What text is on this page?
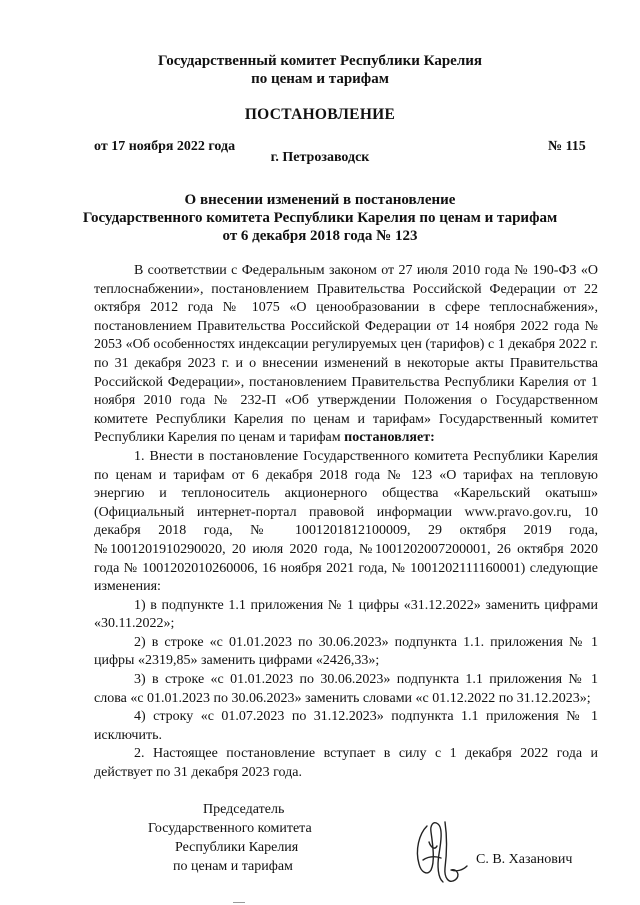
Государственный комитет Республики Карелия
по ценам и тарифам
ПОСТАНОВЛЕНИЕ
от 17 ноября 2022 года	№ 115
г. Петрозаводск
О внесении изменений в постановление
Государственного комитета Республики Карелия по ценам и тарифам
от 6 декабря 2018 года № 123

В соответствии с Федеральным законом от 27 июля 2010 года № 190-ФЗ «О теплоснабжении», постановлением Правительства Российской Федерации от 22 октября 2012 года № 1075 «О ценообразовании в сфере теплоснабжения», постановлением Правительства Российской Федерации от 14 ноября 2022 года № 2053 «Об особенностях индексации регулируемых цен (тарифов) с 1 декабря 2022 г. по 31 декабря 2023 г. и о внесении изменений в некоторые акты Правительства Российской Федерации», постановлением Правительства Республики Карелия от 1 ноября 2010 года № 232-П «Об утверждении Положения о Государственном комитете Республики Карелия по ценам и тарифам» Государственный комитет Республики Карелия по ценам и тарифам постановляет:

1. Внести в постановление Государственного комитета Республики Карелия по ценам и тарифам от 6 декабря 2018 года № 123 «О тарифах на тепловую энергию и теплоноситель акционерного общества «Карельский окатыш» (Официальный интернет-портал правовой информации www.pravo.gov.ru, 10 декабря 2018 года, № 1001201812100009, 29 октября 2019 года, №1001201910290020, 20 июля 2020 года, №1001202007200001, 26 октября 2020 года № 1001202010260006, 16 ноября 2021 года, № 1001202111160001) следующие изменения:

1) в подпункте 1.1 приложения № 1 цифры «31.12.2022» заменить цифрами «30.11.2022»;

2) в строке «с 01.01.2023 по 30.06.2023» подпункта 1.1. приложения № 1 цифры «2319,85» заменить цифрами «2426,33»;

3) в строке «с 01.01.2023 по 30.06.2023» подпункта 1.1 приложения № 1 слова «с 01.01.2023 по 30.06.2023» заменить словами «с 01.12.2022 по 31.12.2023»;

4) строку «с 01.07.2023 по 31.12.2023» подпункта 1.1 приложения № 1 исключить.

2. Настоящее постановление вступает в силу с 1 декабря 2022 года и действует по 31 декабря 2023 года.

Председатель
Государственного комитета
Республики Карелия
по ценам и тарифам	С. В. Хазанович
